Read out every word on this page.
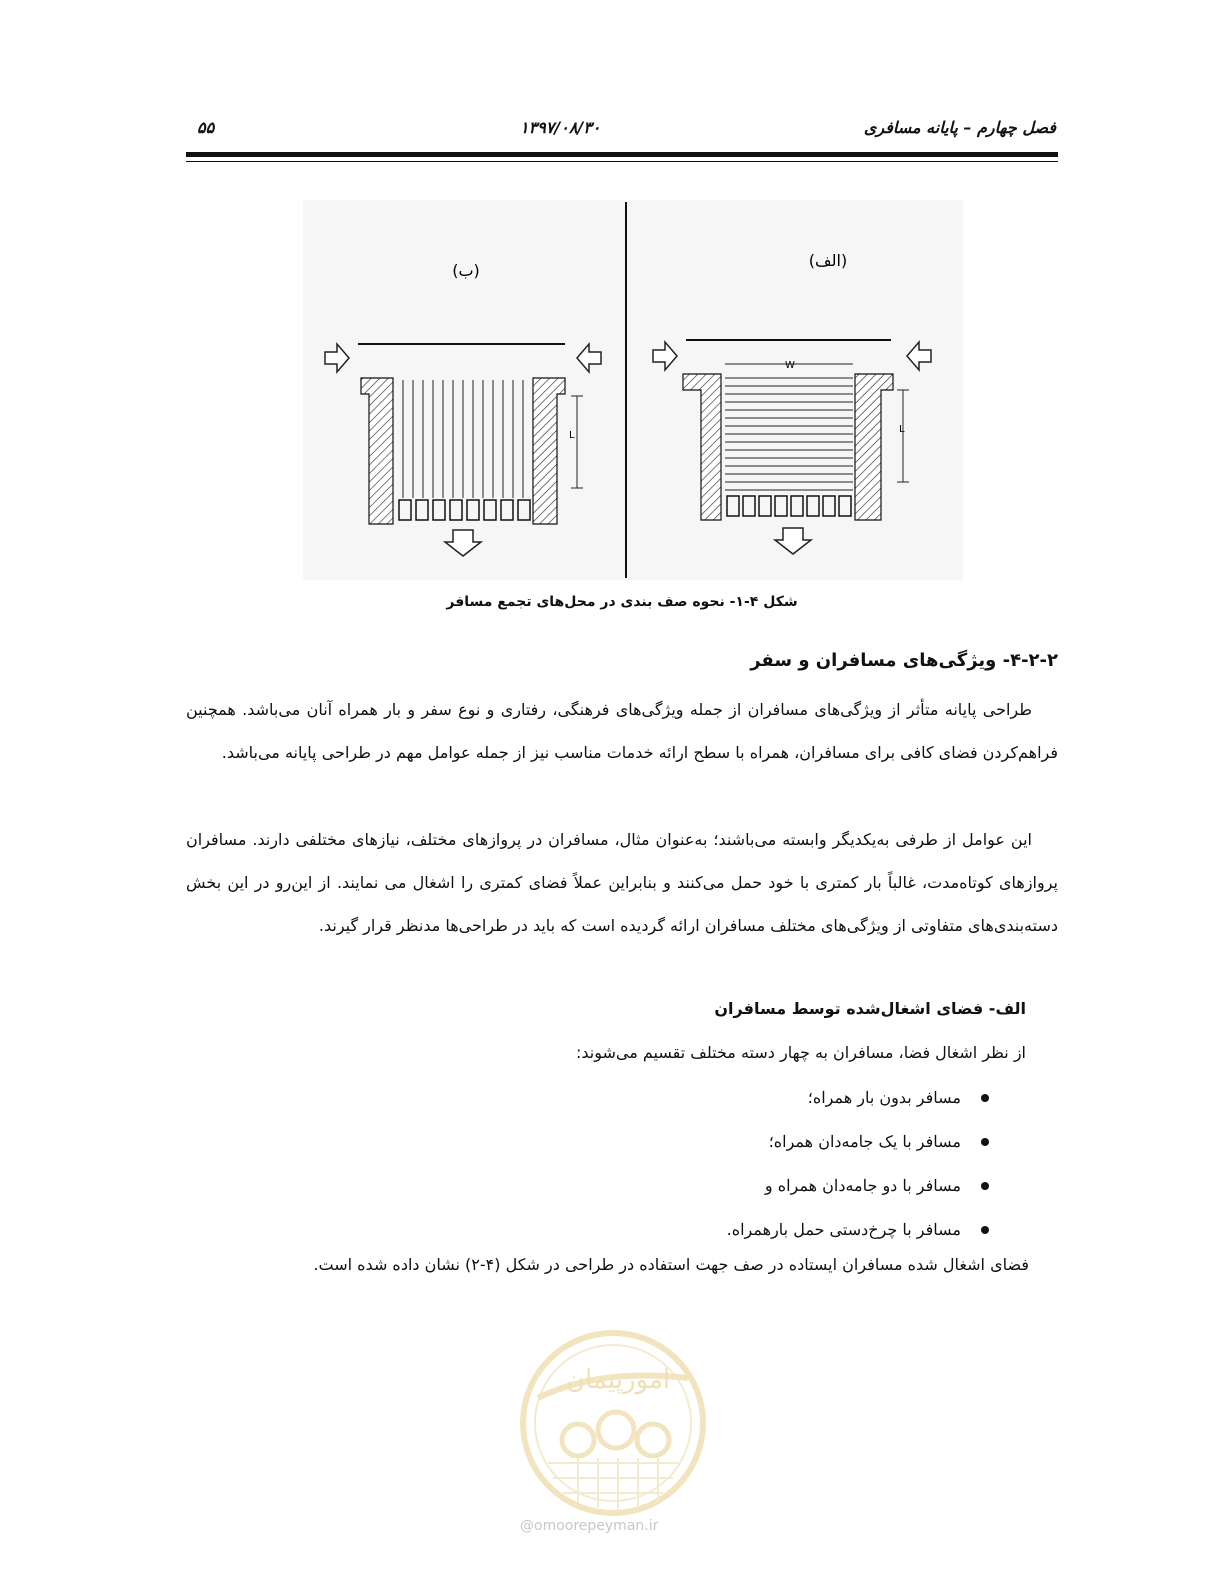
فصل چهارم – پایانه مسافری
۱۳۹۷/۰۸/۳۰
۵۵
(ب)
L
(الف)
W
L
شکل ۴-۱- نحوه صف بندی در محل‌های تجمع مسافر
۴-۲-۲- ویژگی‌های مسافران و سفر
طراحی پایانه متأثر از ویژگی‌های مسافران از جمله ویژگی‌های فرهنگی، رفتاری و نوع سفر و بار همراه آنان می‌باشد. همچنین فراهم‌کردن فضای کافی برای مسافران، همراه با سطح ارائه خدمات مناسب نیز از جمله عوامل مهم در طراحی پایانه می‌باشد.
این عوامل از طرفی به‌یکدیگر وابسته می‌باشند؛ به‌عنوان مثال، مسافران در پروازهای مختلف، نیازهای مختلفی دارند. مسافران پروازهای کوتاه‌مدت، غالباً بار کمتری با خود حمل می‌کنند و بنابراین عملاً فضای کمتری را اشغال می نمایند. از این‌رو در این بخش دسته‌بندی‌های متفاوتی از ویژگی‌های مختلف مسافران ارائه گردیده است که باید در طراحی‌ها مدنظر قرار گیرند.
الف- فضای اشغال‌شده توسط مسافران
از نظر اشغال فضا، مسافران به چهار دسته مختلف تقسیم می‌شوند:
مسافر بدون بار همراه؛
مسافر با یک جامه‌دان همراه؛
مسافر با دو جامه‌دان همراه و
مسافر با چرخ‌دستی حمل بارهمراه.
فضای اشغال شده مسافران ایستاده در صف جهت استفاده در طراحی در شکل (۴-۲) نشان داده شده است.
امورپیمان
@omoorepeyman.ir
